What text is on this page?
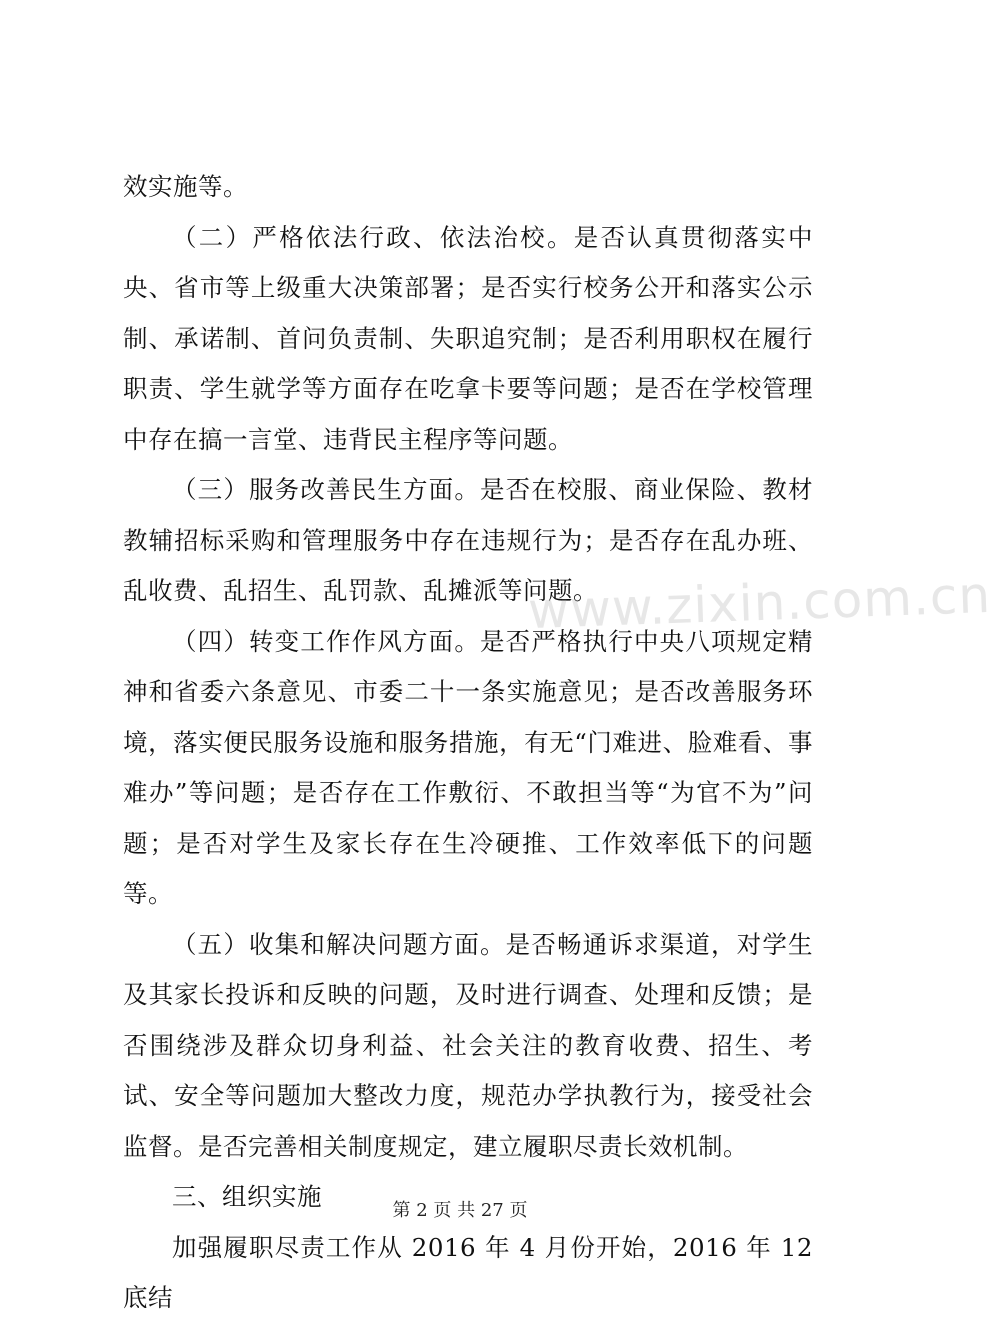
效实施等。

（二）严格依法行政、依法治校。是否认真贯彻落实中央、省市等上级重大决策部署；是否实行校务公开和落实公示制、承诺制、首问负责制、失职追究制；是否利用职权在履行职责、学生就学等方面存在吃拿卡要等问题；是否在学校管理中存在搞一言堂、违背民主程序等问题。

（三）服务改善民生方面。是否在校服、商业保险、教材教辅招标采购和管理服务中存在违规行为；是否存在乱办班、乱收费、乱招生、乱罚款、乱摊派等问题。

（四）转变工作作风方面。是否严格执行中央八项规定精神和省委六条意见、市委二十一条实施意见；是否改善服务环境，落实便民服务设施和服务措施，有无“门难进、脸难看、事难办”等问题；是否存在工作敷衍、不敢担当等“为官不为”问题；是否对学生及家长存在生冷硬推、工作效率低下的问题等。

（五）收集和解决问题方面。是否畅通诉求渠道，对学生及其家长投诉和反映的问题，及时进行调查、处理和反馈；是否围绕涉及群众切身利益、社会关注的教育收费、招生、考试、安全等问题加大整改力度，规范办学执教行为，接受社会监督。是否完善相关制度规定，建立履职尽责长效机制。

三、组织实施

加强履职尽责工作从 2016 年 4 月份开始，2016 年 12 底结

www.zixin.com.cn
第 2 页 共 27 页
